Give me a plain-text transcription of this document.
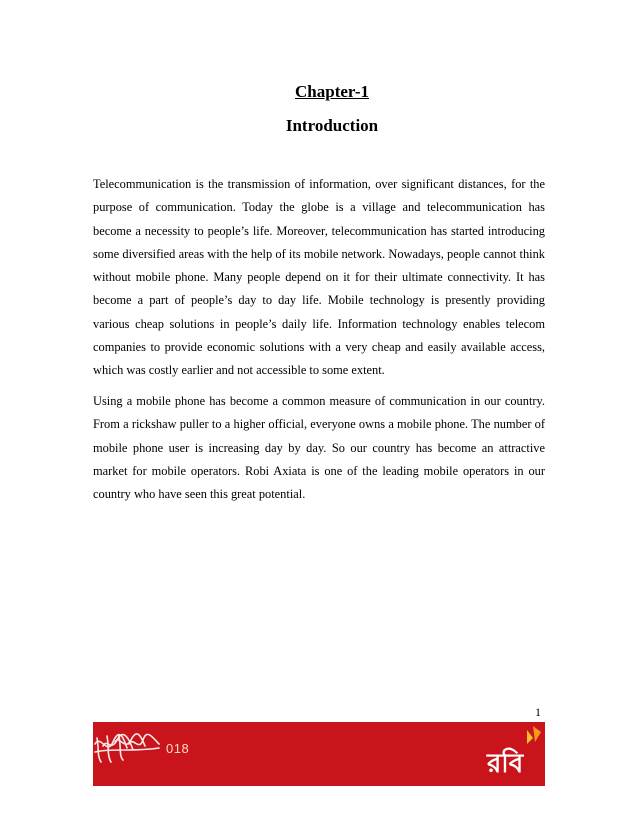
Chapter-1
Introduction

Telecommunication is the transmission of information, over significant distances, for the purpose of communication. Today the globe is a village and telecommunication has become a necessity to people’s life. Moreover, telecommunication has started introducing some diversified areas with the help of its mobile network. Nowadays, people cannot think without mobile phone. Many people depend on it for their ultimate connectivity. It has become a part of people’s day to day life. Mobile technology is presently providing various cheap solutions in people’s daily life. Information technology enables telecom companies to provide economic solutions with a very cheap and easily available access, which was costly earlier and not accessible to some extent.

Using a mobile phone has become a common measure of communication in our country. From a rickshaw puller to a higher official, everyone owns a mobile phone. The number of mobile phone user is increasing day by day. So our country has become an attractive market for mobile operators. Robi Axiata is one of the leading mobile operators in our country who have seen this great potential.

1
018
রবি
